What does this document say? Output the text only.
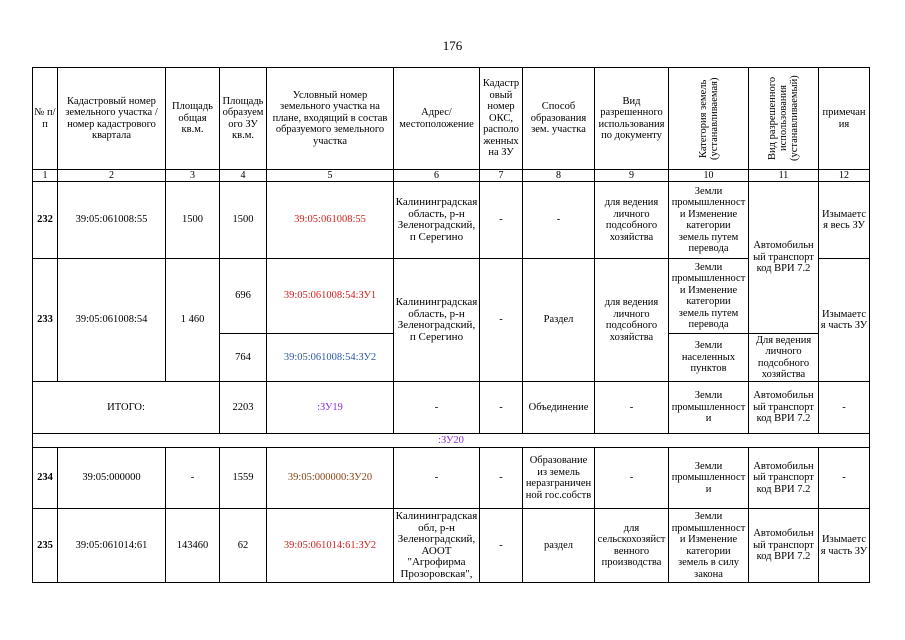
176
№ п/п	Кадастровый номер земельного участка /номер кадастрового квартала	Площадь общая кв.м.	Площадь образуемого ЗУ кв.м.	Условный номер земельного участка на плане, входящий в состав образуемого земельного участка	Адрес/ местоположение	Кадастровый номер ОКС, расположенных на ЗУ	Способ образования зем. участка	Вид разрешенного использования по документу	Категория земель (устанавливаемая)	Вид разрешенного использования (устанавливаемый)	примечания
1	2	3	4	5	6	7	8	9	10	11	12
232	39:05:061008:55	1500	1500	39:05:061008:55	Калининградская область, р-н Зеленоградский, п Серегино	-	-	для ведения личного подсобного хозяйства	Земли промышленности Изменение категории земель путем перевода	Автомобильный транспорт код ВРИ 7.2	Изымается весь ЗУ
233	39:05:061008:54	1 460	696	39:05:061008:54:ЗУ1	Калининградская область, р-н Зеленоградский, п Серегино	-	Раздел	для ведения личного подсобного хозяйства	Земли промышленности Изменение категории земель путем перевода		Изымается часть ЗУ
			764	39:05:061008:54:ЗУ2					Земли населенных пунктов	Для ведения личного подсобного хозяйства	
ИТОГО:			2203	:ЗУ19	-	-	Объединение	-	Земли промышленности	Автомобильный транспорт код ВРИ 7.2	-
:ЗУ20											
234	39:05:000000	-	1559	39:05:000000:ЗУ20	-	-	Образование из земель неразграниченной гос.собств	-	Земли промышленности	Автомобильный транспорт код ВРИ 7.2	-
235	39:05:061014:61	143460	62	39:05:061014:61:ЗУ2	Калининградская обл, р-н Зеленоградский, АООТ "Агрофирма Прозоровская",	-	раздел	для сельскохозяйственного производства	Земли промышленности Изменение категории земель в силу закона	Автомобильный транспорт код ВРИ 7.2	Изымается часть ЗУ
